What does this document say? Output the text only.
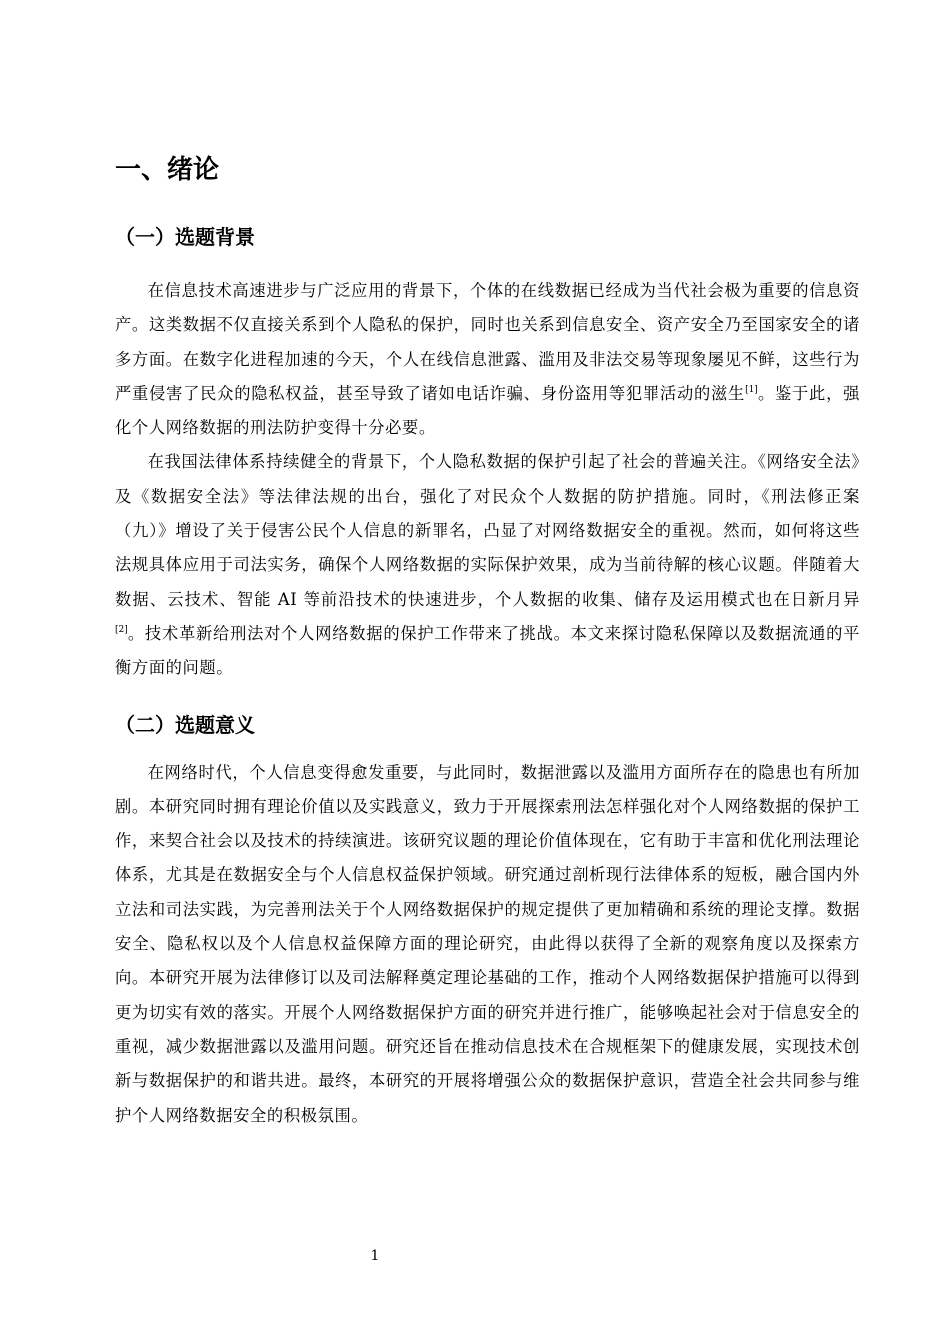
一、绪论
（一）选题背景

在信息技术高速进步与广泛应用的背景下，个体的在线数据已经成为当代社会极为重要的信息资产。这类数据不仅直接关系到个人隐私的保护，同时也关系到信息安全、资产安全乃至国家安全的诸多方面。在数字化进程加速的今天，个人在线信息泄露、滥用及非法交易等现象屡见不鲜，这些行为严重侵害了民众的隐私权益，甚至导致了诸如电话诈骗、身份盗用等犯罪活动的滋生[1]。鉴于此，强化个人网络数据的刑法防护变得十分必要。

在我国法律体系持续健全的背景下，个人隐私数据的保护引起了社会的普遍关注。《网络安全法》及《数据安全法》等法律法规的出台，强化了对民众个人数据的防护措施。同时，《刑法修正案（九）》增设了关于侵害公民个人信息的新罪名，凸显了对网络数据安全的重视。然而，如何将这些法规具体应用于司法实务，确保个人网络数据的实际保护效果，成为当前待解的核心议题。伴随着大数据、云技术、智能 AI 等前沿技术的快速进步，个人数据的收集、储存及运用模式也在日新月异[2]。技术革新给刑法对个人网络数据的保护工作带来了挑战。本文来探讨隐私保障以及数据流通的平衡方面的问题。

（二）选题意义

在网络时代，个人信息变得愈发重要，与此同时，数据泄露以及滥用方面所存在的隐患也有所加剧。本研究同时拥有理论价值以及实践意义，致力于开展探索刑法怎样强化对个人网络数据的保护工作，来契合社会以及技术的持续演进。该研究议题的理论价值体现在，它有助于丰富和优化刑法理论体系，尤其是在数据安全与个人信息权益保护领域。研究通过剖析现行法律体系的短板，融合国内外立法和司法实践，为完善刑法关于个人网络数据保护的规定提供了更加精确和系统的理论支撑。数据安全、隐私权以及个人信息权益保障方面的理论研究，由此得以获得了全新的观察角度以及探索方向。本研究开展为法律修订以及司法解释奠定理论基础的工作，推动个人网络数据保护措施可以得到更为切实有效的落实。开展个人网络数据保护方面的研究并进行推广，能够唤起社会对于信息安全的重视，减少数据泄露以及滥用问题。研究还旨在推动信息技术在合规框架下的健康发展，实现技术创新与数据保护的和谐共进。最终，本研究的开展将增强公众的数据保护意识，营造全社会共同参与维护个人网络数据安全的积极氛围。

1
